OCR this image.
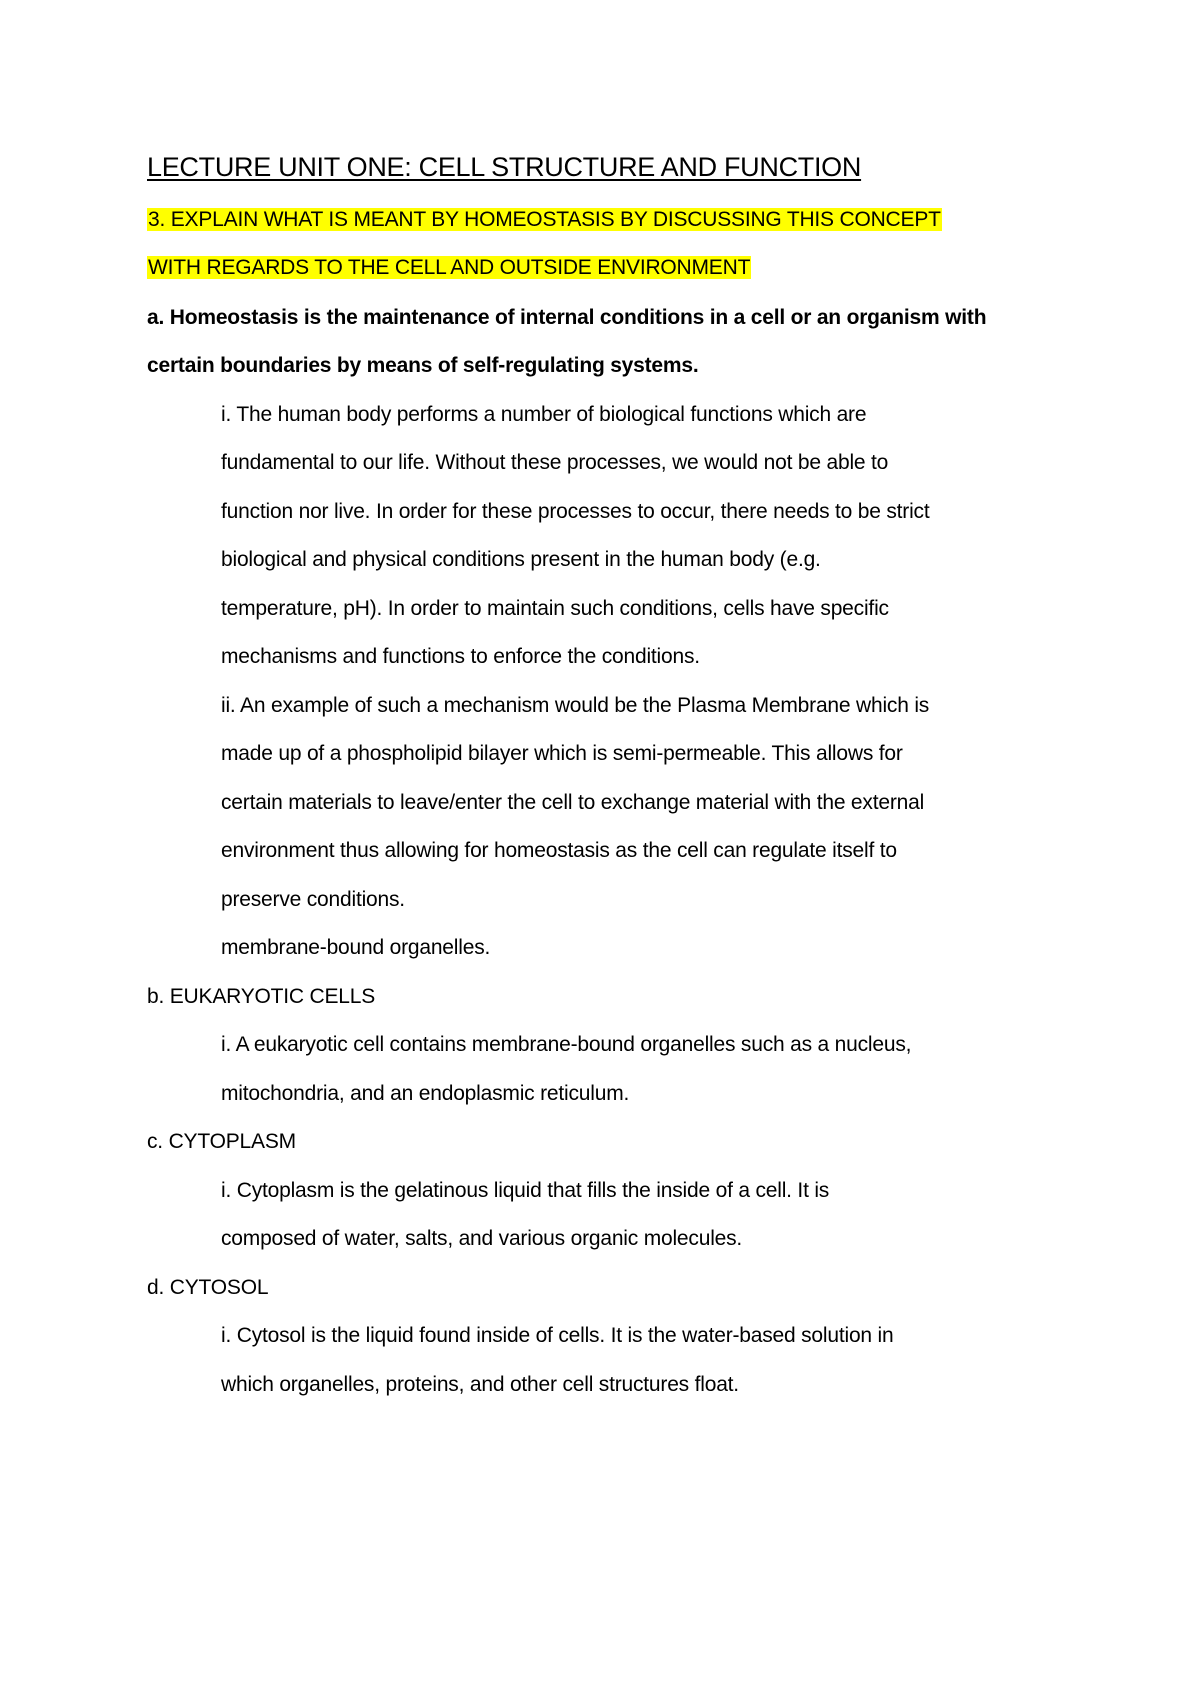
LECTURE UNIT ONE: CELL STRUCTURE AND FUNCTION
3. EXPLAIN WHAT IS MEANT BY HOMEOSTASIS BY DISCUSSING THIS CONCEPT
WITH REGARDS TO THE CELL AND OUTSIDE ENVIRONMENT
a. Homeostasis is the maintenance of internal conditions in a cell or an organism with
certain boundaries by means of self-regulating systems.
i. The human body performs a number of biological functions which are
fundamental to our life. Without these processes, we would not be able to
function nor live. In order for these processes to occur, there needs to be strict
biological and physical conditions present in the human body (e.g.
temperature, pH). In order to maintain such conditions, cells have specific
mechanisms and functions to enforce the conditions.
ii. An example of such a mechanism would be the Plasma Membrane which is
made up of a phospholipid bilayer which is semi-permeable. This allows for
certain materials to leave/enter the cell to exchange material with the external
environment thus allowing for homeostasis as the cell can regulate itself to
preserve conditions.
membrane-bound organelles.
b. EUKARYOTIC CELLS
i. A eukaryotic cell contains membrane-bound organelles such as a nucleus,
mitochondria, and an endoplasmic reticulum.
c. CYTOPLASM
i. Cytoplasm is the gelatinous liquid that fills the inside of a cell. It is
composed of water, salts, and various organic molecules.
d. CYTOSOL
i. Cytosol is the liquid found inside of cells. It is the water-based solution in
which organelles, proteins, and other cell structures float.
